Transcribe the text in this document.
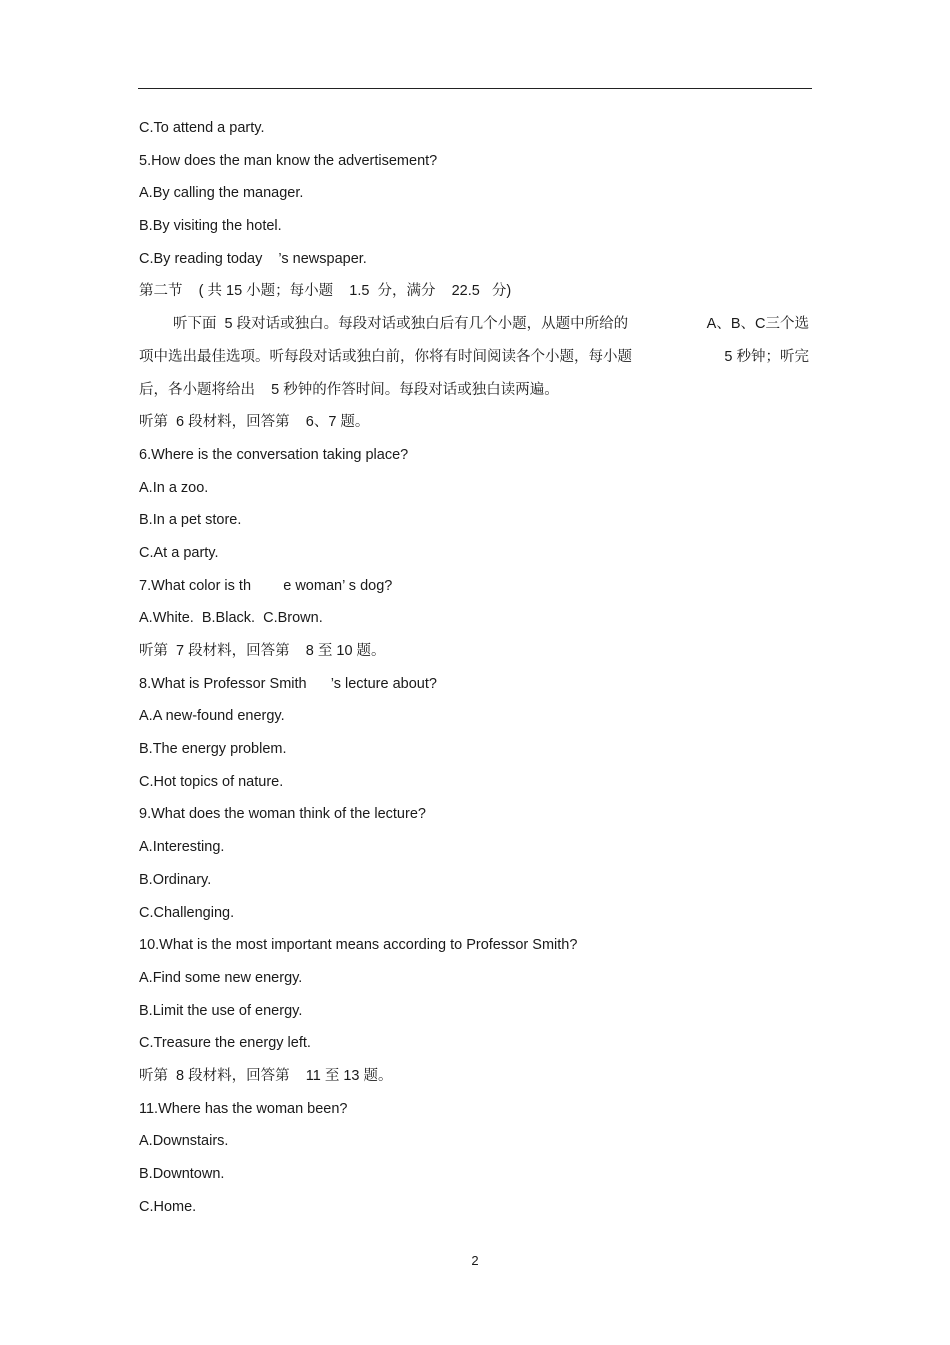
C.To attend a party.
5.How does the man know the advertisement?
A.By calling the manager.
B.By visiting the hotel.
C.By reading today    ’s newspaper.
第二节    ( 共 15 小题；每小题    1.5  分，满分    22.5   分)
听下面  5 段对话或独白。每段对话或独白后有几个小题，从题中所给的	A、B、C三个选
项中选出最佳选项。听每段对话或独白前，你将有时间阅读各个小题，每小题	5 秒钟；听完
后，各小题将给出    5 秒钟的作答时间。每段对话或独白读两遍。
听第  6 段材料，回答第    6、7 题。
6.Where is the conversation taking place?
A.In a zoo.
B.In a pet store.
C.At a party.
7.What color is th        e woman’ s dog?
A.White.  B.Black.  C.Brown.
听第  7 段材料，回答第    8 至 10 题。
8.What is Professor Smith      ’s lecture about?
A.A new-found energy.
B.The energy problem.
C.Hot topics of nature.
9.What does the woman think of the lecture?
A.Interesting.
B.Ordinary.
C.Challenging.
10.What is the most important means according to Professor Smith?
A.Find some new energy.
B.Limit the use of energy.
C.Treasure the energy left.
听第  8 段材料，回答第    11 至 13 题。
11.Where has the woman been?
A.Downstairs.
B.Downtown.
C.Home.
2
